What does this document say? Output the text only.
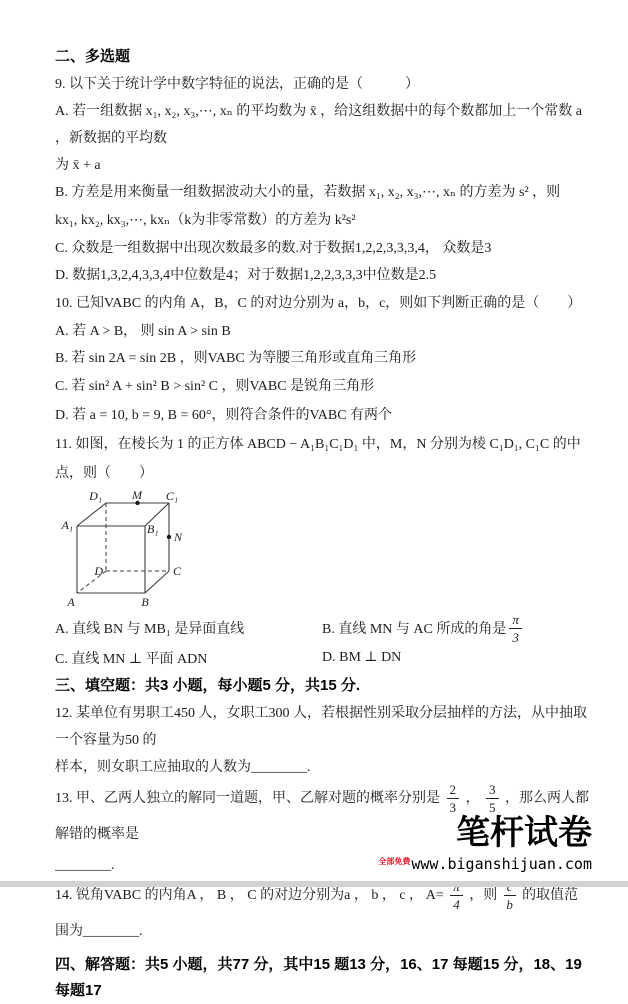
二、多选题

9. 以下关于统计学中数字特征的说法，正确的是（　　　）

A. 若一组数据 x₁, x₂, x₃,⋯, xₙ 的平均数为 x̄ ，给这组数据中的每个数都加上一个常数 a ，新数据的平均数

为 x̄ + a

B. 方差是用来衡量一组数据波动大小的量，若数据 x₁, x₂, x₃,⋯, xₙ 的方差为 s² ，则

kx₁, kx₂, kx₃,⋯, kxₙ（k为非零常数）的方差为 k²s²

C. 众数是一组数据中出现次数最多的数.对于数据1,2,2,3,3,3,4， 众数是3

D. 数据1,3,2,4,3,3,4中位数是4；对于数据1,2,2,3,3,3中位数是2.5

10. 已知VABC 的内角 A，B，C 的对边分别为 a，b，c，则如下判断正确的是（　　）

A. 若 A > B， 则 sin A > sin B

B. 若 sin 2A = sin 2B ，则VABC 为等腰三角形或直角三角形

C. 若 sin² A + sin² B > sin² C ，则VABC 是锐角三角形

D. 若 a = 10, b = 9, B = 60°，则符合条件的VABC 有两个

11. 如图，在棱长为 1 的正方体 ABCD − A₁B₁C₁D₁ 中，M，N 分别为棱 C₁D₁, C₁C 的中点，则（　　）

D₁	M C₁
A₁	B₁
N
D	C
A	B
A. 直线 BN 与 MB₁ 是异面直线	B. 直线 MN 与 AC 所成的角是 $\frac{\pi}{3}$
C. 直线 MN ⊥ 平面 ADN	D. BM ⊥ DN

三、填空题：共3 小题，每小题5 分，共15 分.

12. 某单位有男职工450 人，女职工300 人，若根据性别采取分层抽样的方法，从中抽取一个容量为50 的

样本，则女职工应抽取的人数为________.

13. 甲、乙两人独立的解同一道题，甲、乙解对题的概率分别是 $\frac{2}{3}$ ， $\frac{3}{5}$ ，那么两人都解错的概率是

________.

14. 锐角VABC 的内角A ， B ， C 的对边分别为a ， b ， c ， A=
4
，则
b
的取值范围为________.

四、解答题：共5 小题，共77 分，其中15 题13 分，16、17 每题15 分，18、19 每题17

笔杆试卷
$^{全部免费}$www.biganshijuan.com
